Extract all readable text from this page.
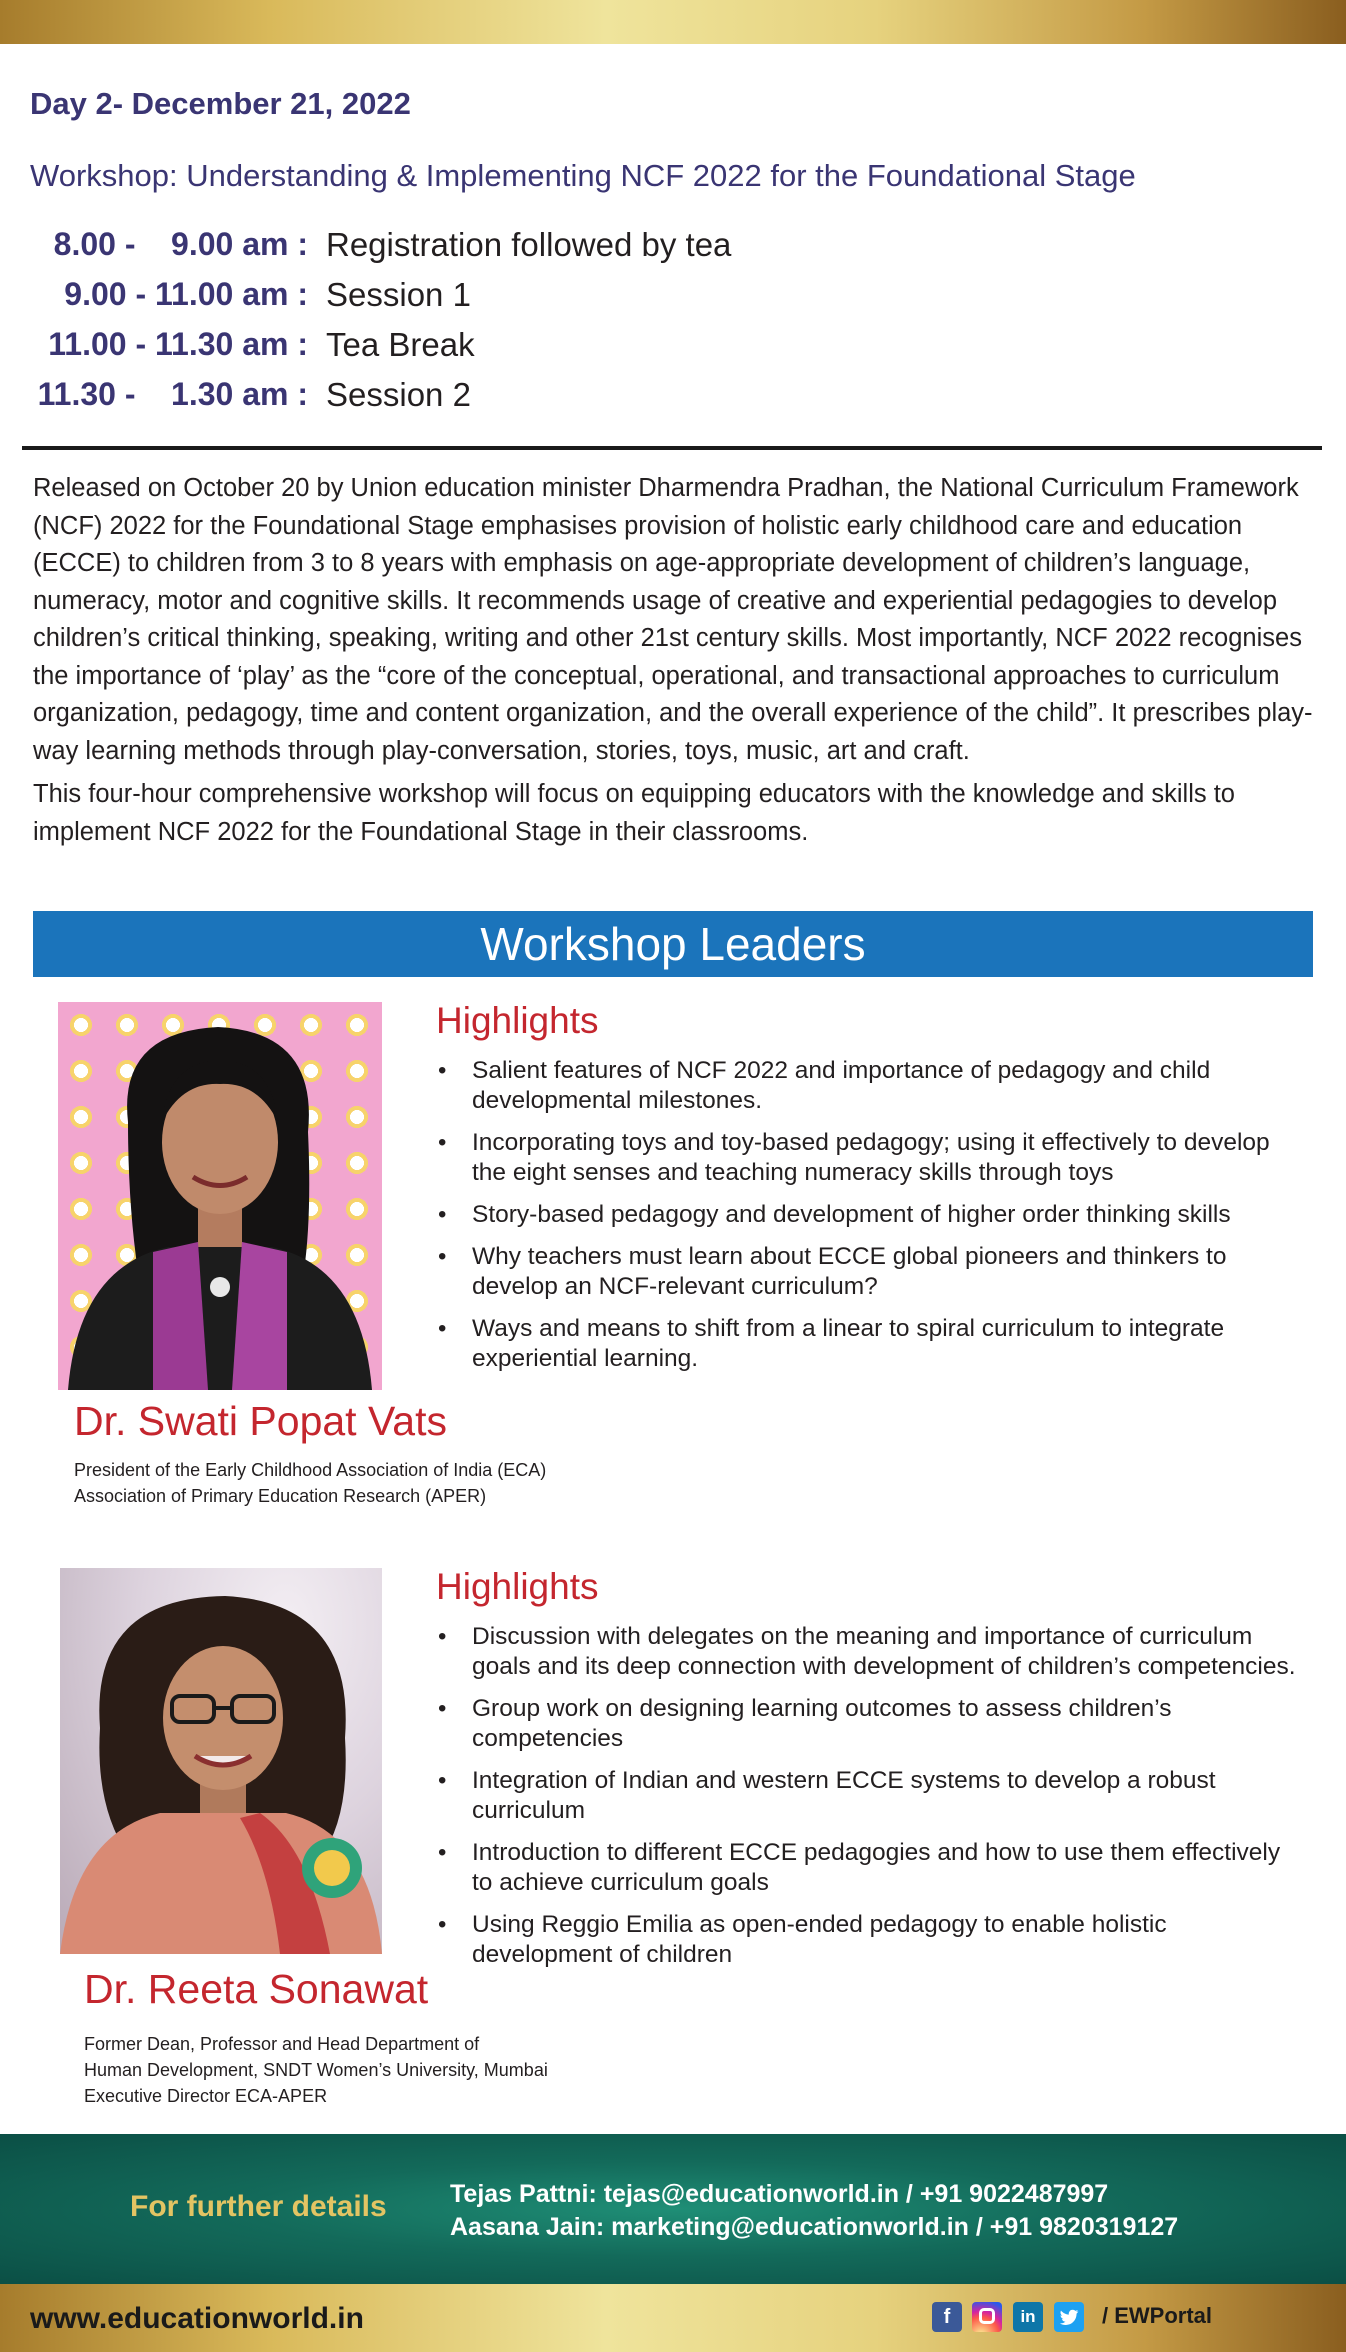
Day 2- December 21, 2022
Workshop: Understanding & Implementing NCF 2022 for the Foundational Stage
8.00 -    9.00 am : Registration followed by tea
9.00 - 11.00 am : Session 1
11.00 - 11.30 am : Tea Break
11.30 -    1.30 am : Session 2

Released on October 20 by Union education minister Dharmendra Pradhan, the National Curriculum Framework (NCF) 2022 for the Foundational Stage emphasises provision of holistic early childhood care and education (ECCE) to children from 3 to 8 years with emphasis on age-appropriate development of children’s language, numeracy, motor and cognitive skills. It recommends usage of creative and experiential pedagogies to develop children’s critical thinking, speaking, writing and other 21st century skills. Most importantly, NCF 2022 recognises the importance of ‘play’ as the “core of the conceptual, operational, and transactional approaches to curriculum organization, pedagogy, time and content organization, and the overall experience of the child”. It prescribes play-way learning methods through play-conversation, stories, toys, music, art and craft.

This four-hour comprehensive workshop will focus on equipping educators with the knowledge and skills to implement NCF 2022 for the Foundational Stage in their classrooms.

Workshop Leaders
Dr. Swati Popat Vats
President of the Early Childhood Association of India (ECA)
Association of Primary Education Research (APER)
Highlights
• Salient features of NCF 2022 and importance of pedagogy and child developmental milestones.
• Incorporating toys and toy-based pedagogy; using it effectively to develop the eight senses and teaching numeracy skills through toys
• Story-based pedagogy and development of higher order thinking skills
• Why teachers must learn about ECCE global pioneers and thinkers to develop an NCF-relevant curriculum?
• Ways and means to shift from a linear to spiral curriculum to integrate experiential learning.
Dr. Reeta Sonawat
Former Dean, Professor and Head Department of
Human Development, SNDT Women’s University, Mumbai
Executive Director ECA-APER
Highlights
• Discussion with delegates on the meaning and importance of curriculum goals and its deep connection with development of children’s competencies.
• Group work on designing learning outcomes to assess children’s competencies
• Integration of Indian and western ECCE systems to develop a robust curriculum
• Introduction to different ECCE pedagogies and how to use them effectively to achieve curriculum goals
• Using Reggio Emilia as open-ended pedagogy to enable holistic development of children
For further details	Tejas Pattni: tejas@educationworld.in / +91 9022487997
Aasana Jain: marketing@educationworld.in / +91 9820319127
www.educationworld.in	f	in	/ EWPortal
